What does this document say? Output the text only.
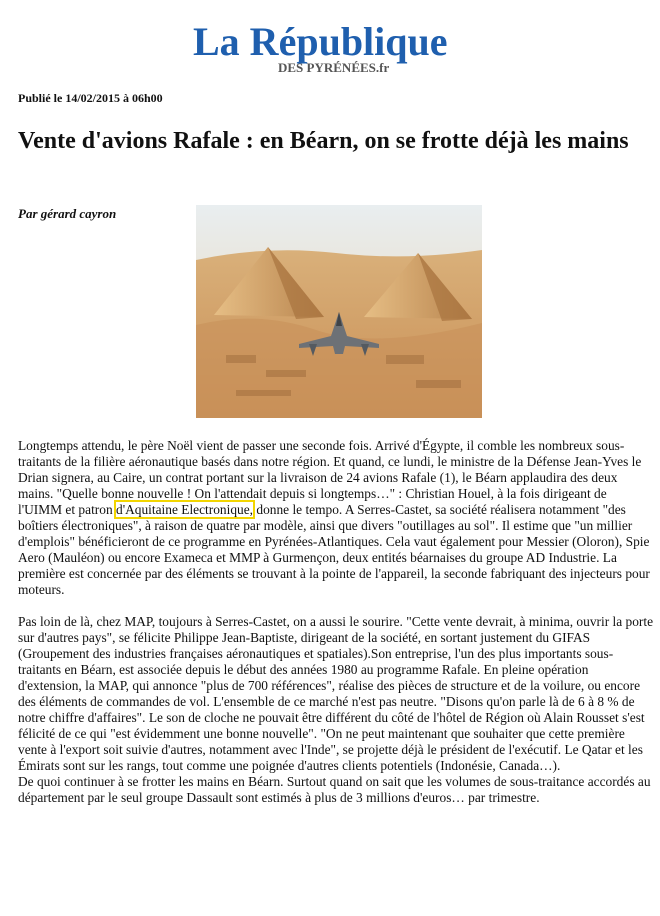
La République
DES PYRÉNÉES.fr
Publié le 14/02/2015 à 06h00
Vente d'avions Rafale : en Béarn, on se frotte déjà les mains
Par gérard cayron

Longtemps attendu, le père Noël vient de passer une seconde fois. Arrivé d'Égypte, il comble les nombreux sous-traitants de la filière aéronautique basés dans notre région. Et quand, ce lundi, le ministre de la Défense Jean-Yves le Drian signera, au Caire, un contrat portant sur la livraison de 24 avions Rafale (1), le Béarn applaudira des deux mains. "Quelle bonne nouvelle ! On l'attendait depuis si longtemps…" : Christian Houel, à la fois dirigeant de l'UIMM et patron d'Aquitaine Electronique, donne le tempo. A Serres-Castet, sa société réalisera notamment "des boîtiers électroniques", à raison de quatre par modèle, ainsi que divers "outillages au sol". Il estime que "un millier d'emplois" bénéficieront de ce programme en Pyrénées-Atlantiques. Cela vaut également pour Messier (Oloron), Spie Aero (Mauléon) ou encore Exameca et MMP à Gurmençon, deux entités béarnaises du groupe AD Industrie. La première est concernée par des éléments se trouvant à la pointe de l'appareil, la seconde fabriquant des injecteurs pour moteurs.

Pas loin de là, chez MAP, toujours à Serres-Castet, on a aussi le sourire. "Cette vente devrait, à minima, ouvrir la porte sur d'autres pays", se félicite Philippe Jean-Baptiste, dirigeant de la société, en sortant justement du GIFAS (Groupement des industries françaises aéronautiques et spatiales).Son entreprise, l'un des plus importants sous-traitants en Béarn, est associée depuis le début des années 1980 au programme Rafale. En pleine opération d'extension, la MAP, qui annonce "plus de 700 références", réalise des pièces de structure et de la voilure, ou encore des éléments de commandes de vol. L'ensemble de ce marché n'est pas neutre. "Disons qu'on parle là de 6 à 8 % de notre chiffre d'affaires". Le son de cloche ne pouvait être différent du côté de l'hôtel de Région où Alain Rousset s'est félicité de ce qui "est évidemment une bonne nouvelle". "On ne peut maintenant que souhaiter que cette première vente à l'export soit suivie d'autres, notamment avec l'Inde", se projette déjà le président de l'exécutif. Le Qatar et les Émirats sont sur les rangs, tout comme une poignée d'autres clients potentiels (Indonésie, Canada…).

De quoi continuer à se frotter les mains en Béarn. Surtout quand on sait que les volumes de sous-traitance accordés au département par le seul groupe Dassault sont estimés à plus de 3 millions d'euros… par trimestre.
